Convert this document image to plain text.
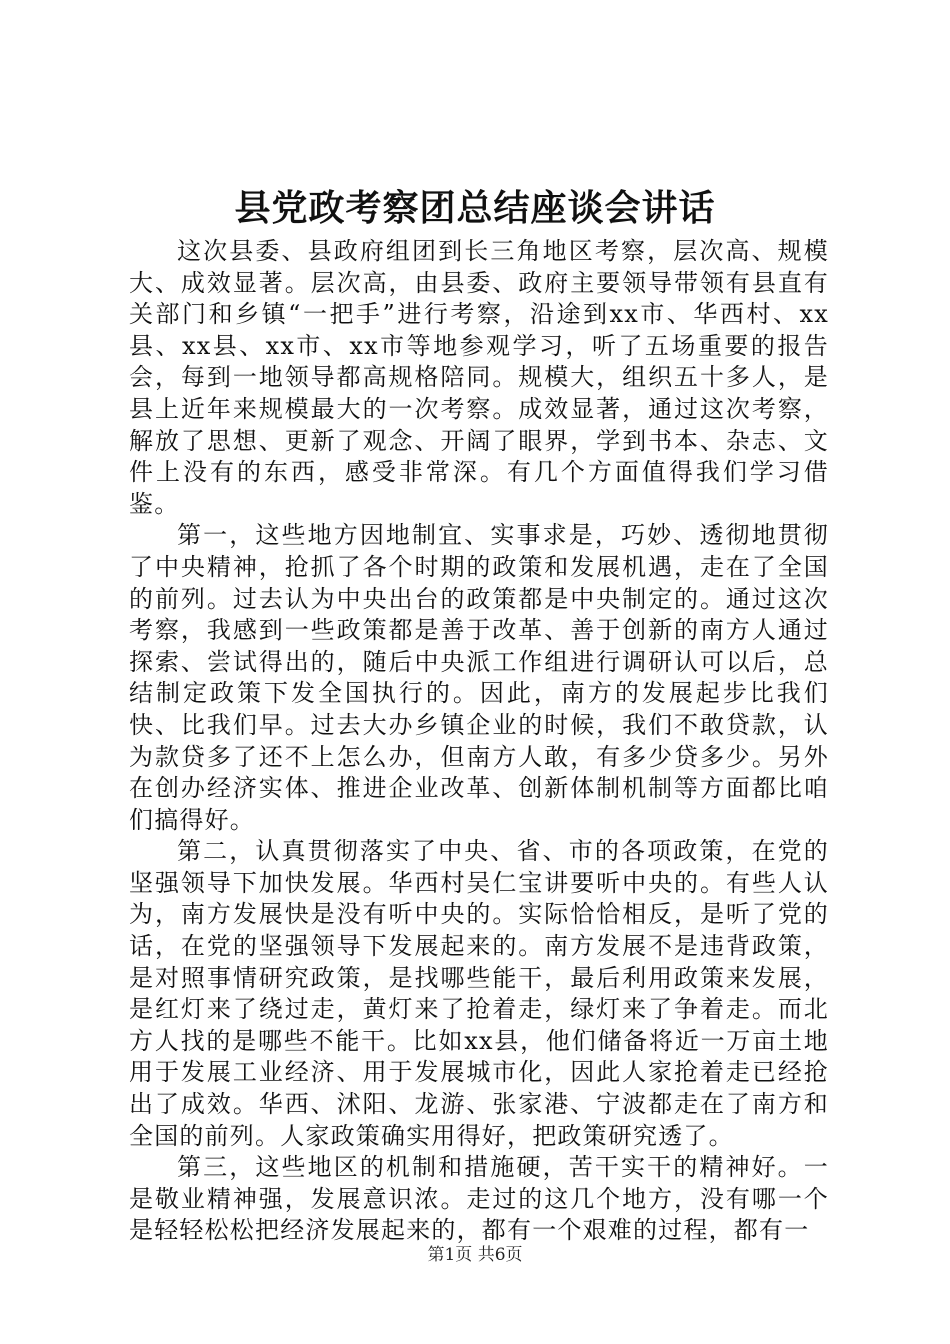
县党政考察团总结座谈会讲话

这次县委、县政府组团到长三角地区考察，层次高、规模大、成效显著。层次高，由县委、政府主要领导带领有县直有关部门和乡镇“一把手”进行考察，沿途到xx市、华西村、xx县、xx县、xx市、xx市等地参观学习，听了五场重要的报告会，每到一地领导都高规格陪同。规模大，组织五十多人，是县上近年来规模最大的一次考察。成效显著，通过这次考察，解放了思想、更新了观念、开阔了眼界，学到书本、杂志、文件上没有的东西，感受非常深。有几个方面值得我们学习借鉴。

第一，这些地方因地制宜、实事求是，巧妙、透彻地贯彻了中央精神，抢抓了各个时期的政策和发展机遇，走在了全国的前列。过去认为中央出台的政策都是中央制定的。通过这次考察，我感到一些政策都是善于改革、善于创新的南方人通过探索、尝试得出的，随后中央派工作组进行调研认可以后，总结制定政策下发全国执行的。因此，南方的发展起步比我们快、比我们早。过去大办乡镇企业的时候，我们不敢贷款，认为款贷多了还不上怎么办，但南方人敢，有多少贷多少。另外在创办经济实体、推进企业改革、创新体制机制等方面都比咱们搞得好。

第二，认真贯彻落实了中央、省、市的各项政策，在党的坚强领导下加快发展。华西村吴仁宝讲要听中央的。有些人认为，南方发展快是没有听中央的。实际恰恰相反，是听了党的话，在党的坚强领导下发展起来的。南方发展不是违背政策，是对照事情研究政策，是找哪些能干，最后利用政策来发展，是红灯来了绕过走，黄灯来了抢着走，绿灯来了争着走。而北方人找的是哪些不能干。比如xx县，他们储备将近一万亩土地用于发展工业经济、用于发展城市化，因此人家抢着走已经抢出了成效。华西、沭阳、龙游、张家港、宁波都走在了南方和全国的前列。人家政策确实用得好，把政策研究透了。

第三，这些地区的机制和措施硬，苦干实干的精神好。一是敬业精神强，发展意识浓。走过的这几个地方，没有哪一个是轻轻松松把经济发展起来的，都有一个艰难的过程，都有一

第1页 共6页
